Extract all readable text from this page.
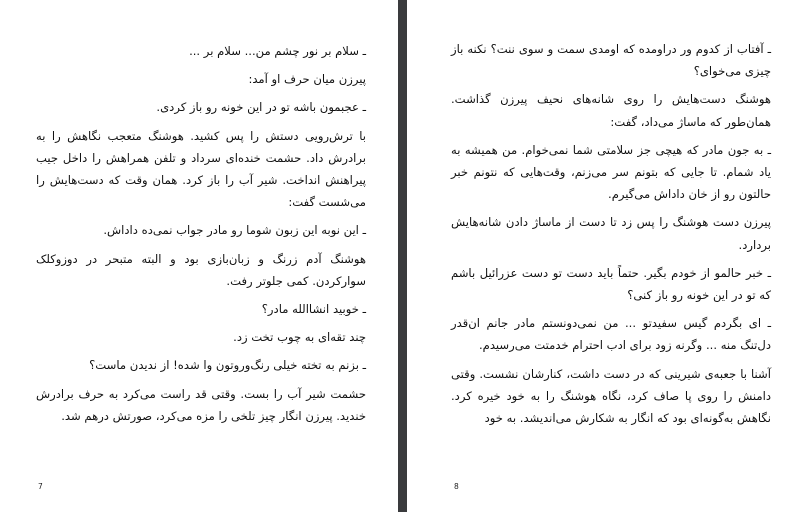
ـ سلام بر نور چشم من... سلام بر ...

پیرزن میان حرف او آمد:

ـ عجبمون باشه تو در این خونه رو باز کردی.

با ترش‌رویی دستش را پس کشید. هوشنگ متعجب نگاهش را به برادرش داد. حشمت خنده‌ای سرداد و تلفن همراهش را داخل جیب پیراهنش انداخت. شیر آب را باز کرد. همان وقت که دست‌هایش را می‌شست گفت:

ـ این نوبه این زبون شوما رو مادر جواب نمی‌ده داداش.

هوشنگ آدم زرنگ و زبان‌بازی بود و البته متبحر در دوزوکلک سوارکردن. کمی جلوتر رفت.

ـ خوبید انشاالله مادر؟

چند تقه‌ای به چوب تخت زد.

ـ بزنم به تخته خیلی رنگ‌وروتون وا شده! از ندیدن ماست؟

حشمت شیر آب را بست. وقتی قد راست می‌کرد به حرف برادرش خندید. پیرزن انگار چیز تلخی را مزه می‌کرد، صورتش درهم شد.

7

ـ آفتاب از کدوم ور دراومده که اومدی سمت و سوی ننت؟ نکنه باز چیزی می‌خوای؟

هوشنگ دست‌هایش را روی شانه‌های نحیف پیرزن گذاشت. همان‌طور که ماساژ می‌داد، گفت:

ـ به جون مادر که هیچی جز سلامتی شما نمی‌خوام. من همیشه به یاد شمام. تا جایی که بتونم سر می‌زنم، وقت‌هایی که نتونم خبر حالتون رو از خان داداش می‌گیرم.

پیرزن دست هوشنگ را پس زد تا دست از ماساژ دادن شانه‌هایش بردارد.

ـ خبر حالمو از خودم بگیر. حتماً باید دست تو دست عزرائیل باشم که تو در این خونه رو باز کنی؟

ـ ای بگردم گیس سفیدتو ... من نمی‌دونستم مادر جانم ان‌قدر دل‌تنگ منه ... وگرنه زود برای ادب احترام خدمتت می‌رسیدم.

آشنا با جعبه‌ی شیرینی که در دست داشت، کنارشان نشست. وقتی دامنش را روی پا صاف کرد، نگاه هوشنگ را به خود خیره کرد. نگاهش به‌گونه‌ای بود که انگار به شکارش می‌اندیشد. به خود

8
